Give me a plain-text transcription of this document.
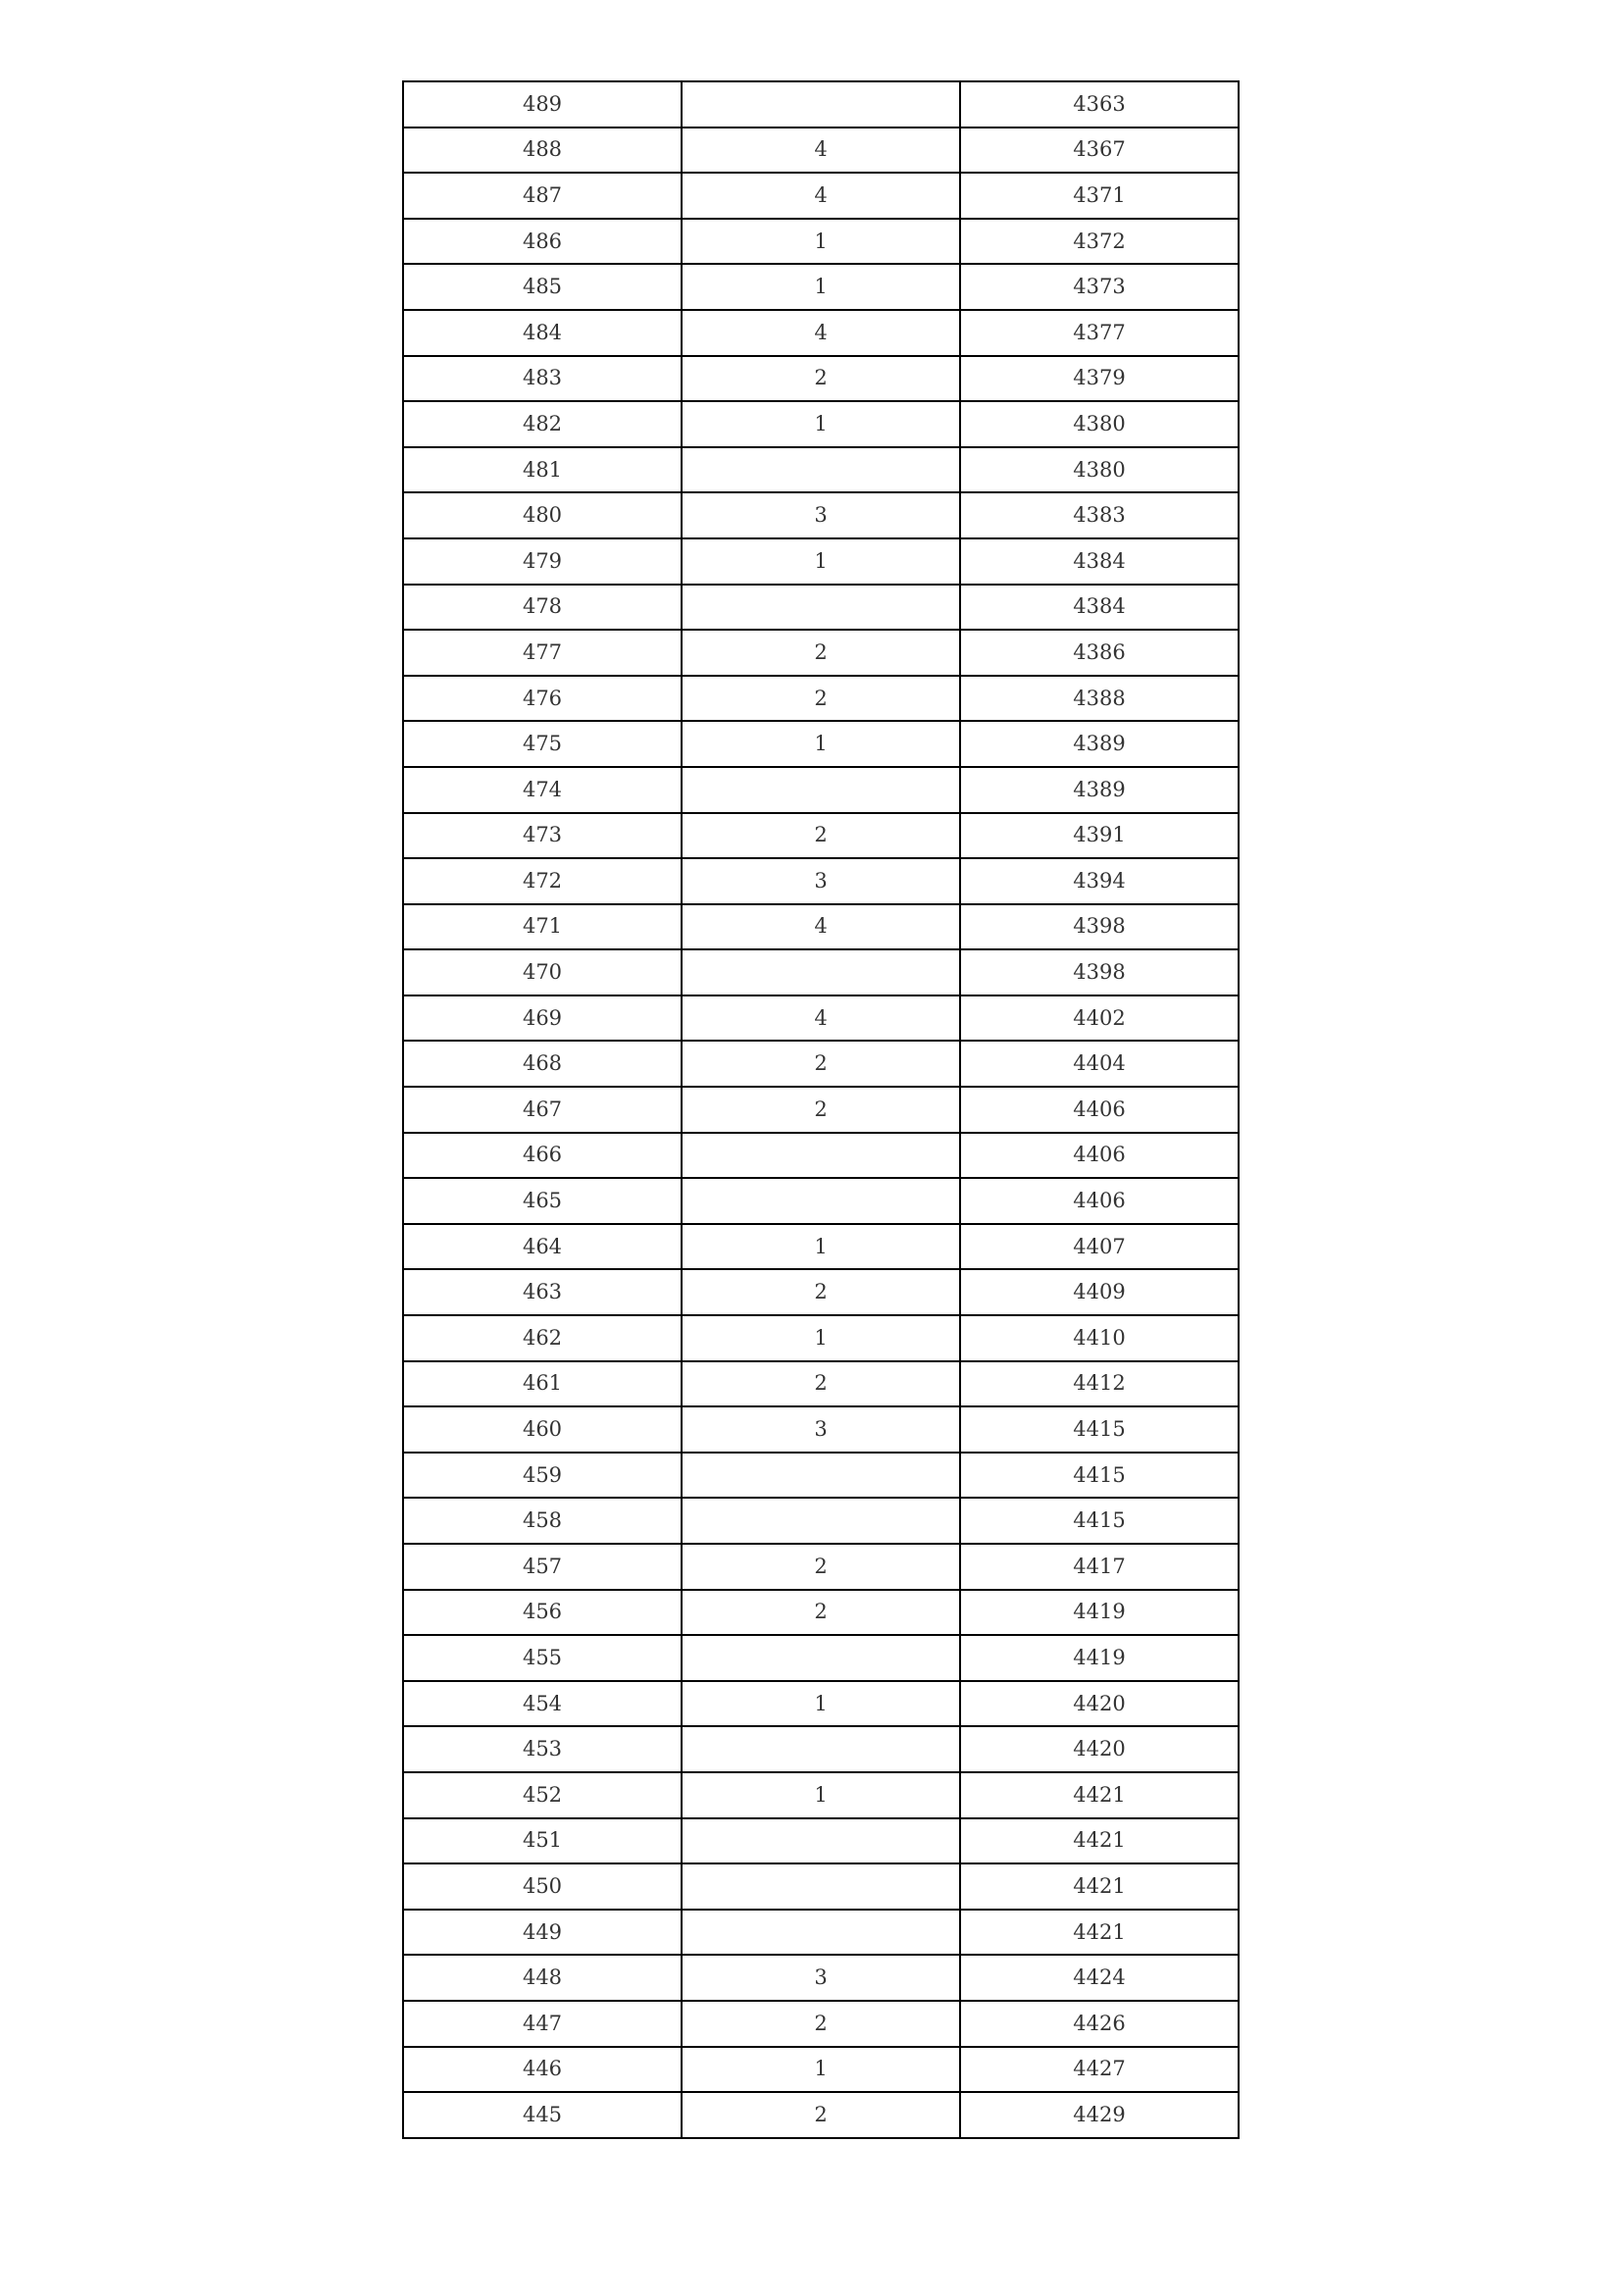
489		4363
488	4	4367
487	4	4371
486	1	4372
485	1	4373
484	4	4377
483	2	4379
482	1	4380
481		4380
480	3	4383
479	1	4384
478		4384
477	2	4386
476	2	4388
475	1	4389
474		4389
473	2	4391
472	3	4394
471	4	4398
470		4398
469	4	4402
468	2	4404
467	2	4406
466		4406
465		4406
464	1	4407
463	2	4409
462	1	4410
461	2	4412
460	3	4415
459		4415
458		4415
457	2	4417
456	2	4419
455		4419
454	1	4420
453		4420
452	1	4421
451		4421
450		4421
449		4421
448	3	4424
447	2	4426
446	1	4427
445	2	4429
